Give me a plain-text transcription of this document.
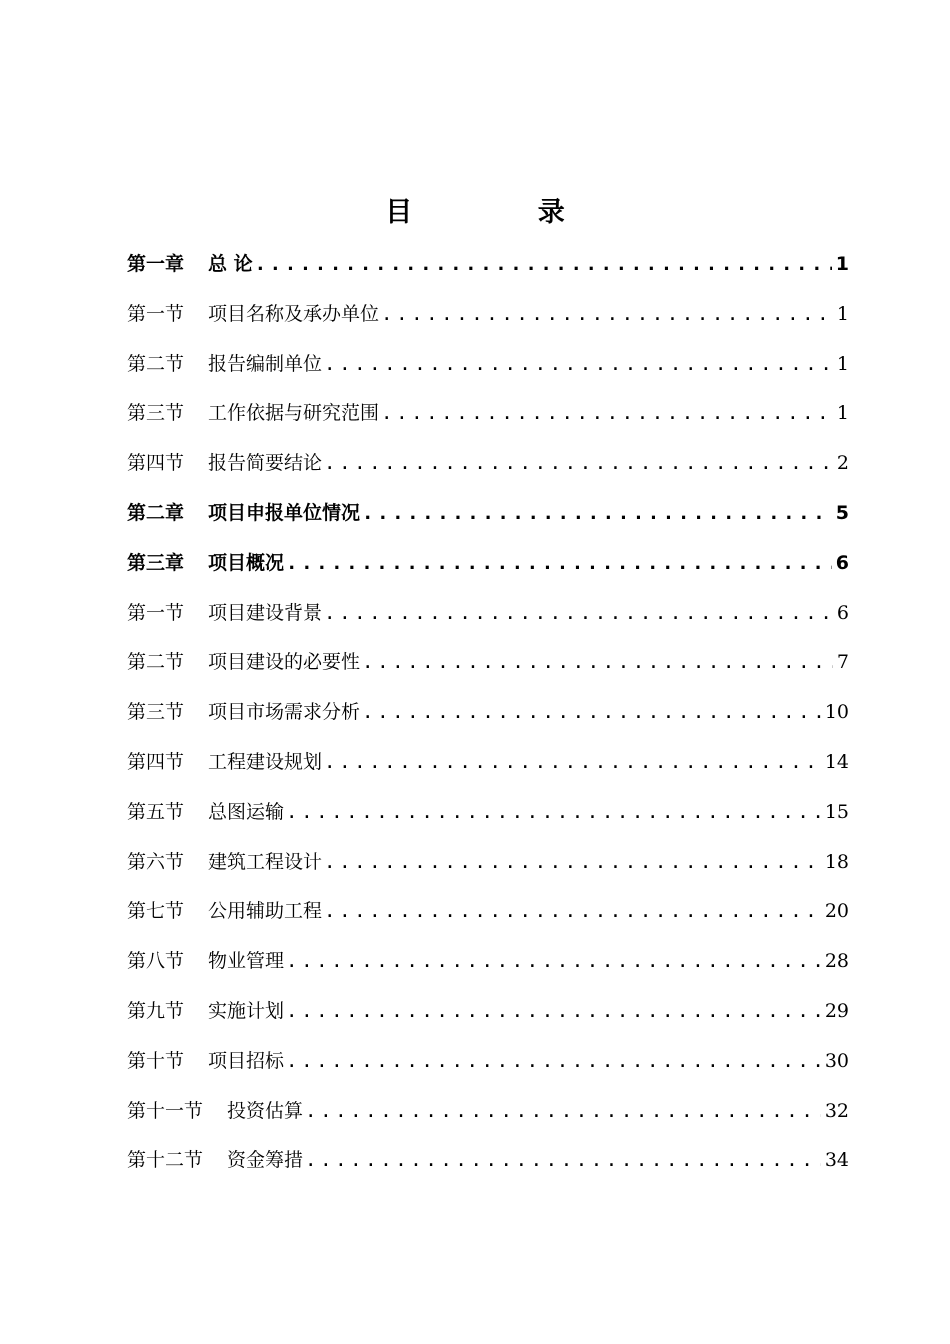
目 录
第一章 总 论 .....	1
第一节 项目名称及承办单位 .....	1
第二节 报告编制单位 .....	1
第三节 工作依据与研究范围 .....	1
第四节 报告简要结论 .....	2
第二章 项目申报单位情况 .....	5
第三章 项目概况 .....	6
第一节 项目建设背景 .....	6
第二节 项目建设的必要性 .....	7
第三节 项目市场需求分析 .....	10
第四节 工程建设规划 .....	14
第五节 总图运输 .....	15
第六节 建筑工程设计 .....	18
第七节 公用辅助工程 .....	20
第八节 物业管理 .....	28
第九节 实施计划 .....	29
第十节 项目招标 .....	30
第十一节 投资估算 .....	32
第十二节 资金筹措 .....	34
